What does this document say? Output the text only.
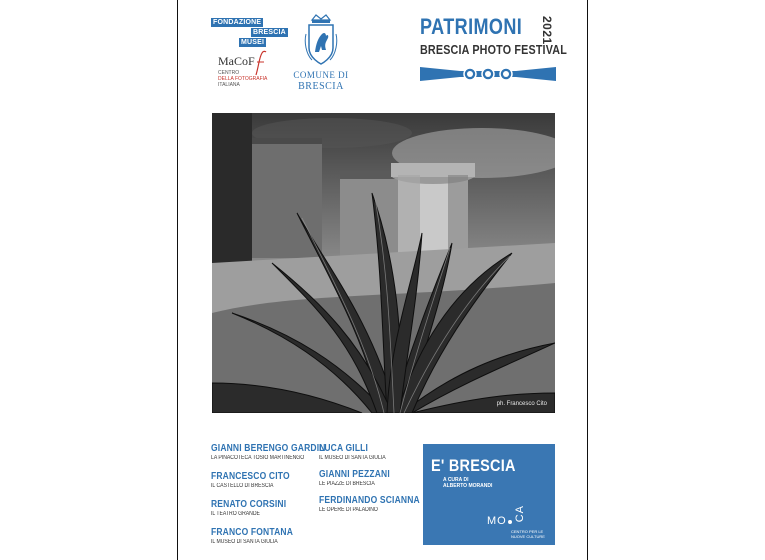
FONDAZIONE
BRESCIA
MUSEI
MaCoF
CENTRO
DELLA FOTOGRAFIA
ITALIANA
COMUNE DI
BRESCIA
PATRIMONI 2021
BRESCIA PHOTO FESTIVAL
ph. Francesco Cito
GIANNI BERENGO GARDIN
LA PINACOTECA TOSIO MARTINENGO
FRANCESCO CITO
IL CASTELLO DI BRESCIA
RENATO CORSINI
IL TEATRO GRANDE
FRANCO FONTANA
IL MUSEO DI SANTA GIULIA
LUCA GILLI
IL MUSEO DI SANTA GIULIA
GIANNI PEZZANI
LE PIAZZE DI BRESCIA
FERDINANDO SCIANNA
LE OPERE DI PALADINO
E' BRESCIA
A CURA DI
ALBERTO MORANDI
MO CA
CENTRO PER LE
NUOVE CULTURE
